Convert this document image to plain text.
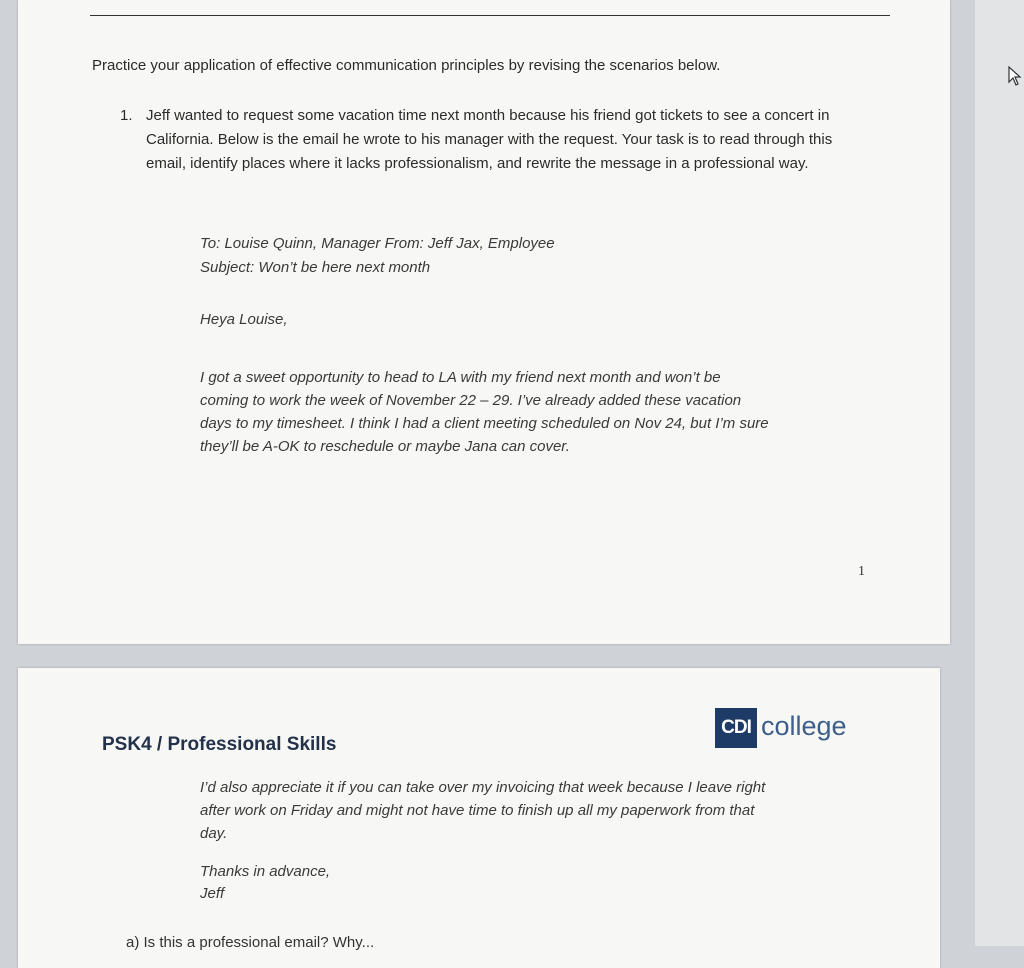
Practice your application of effective communication principles by revising the scenarios below.
1. Jeff wanted to request some vacation time next month because his friend got tickets to see a concert in California. Below is the email he wrote to his manager with the request. Your task is to read through this email, identify places where it lacks professionalism, and rewrite the message in a professional way.
To: Louise Quinn, Manager From: Jeff Jax, Employee
Subject: Won’t be here next month
Heya Louise,
I got a sweet opportunity to head to LA with my friend next month and won’t be
coming to work the week of November 22 – 29. I’ve already added these vacation
days to my timesheet. I think I had a client meeting scheduled on Nov 24, but I’m sure
they’ll be A-OK to reschedule or maybe Jana can cover.
1
PSK4 / Professional Skills
CDI college
I’d also appreciate it if you can take over my invoicing that week because I leave right
after work on Friday and might not have time to finish up all my paperwork from that
day.
Thanks in advance,
Jeff
a) Is this a professional email? Why...
